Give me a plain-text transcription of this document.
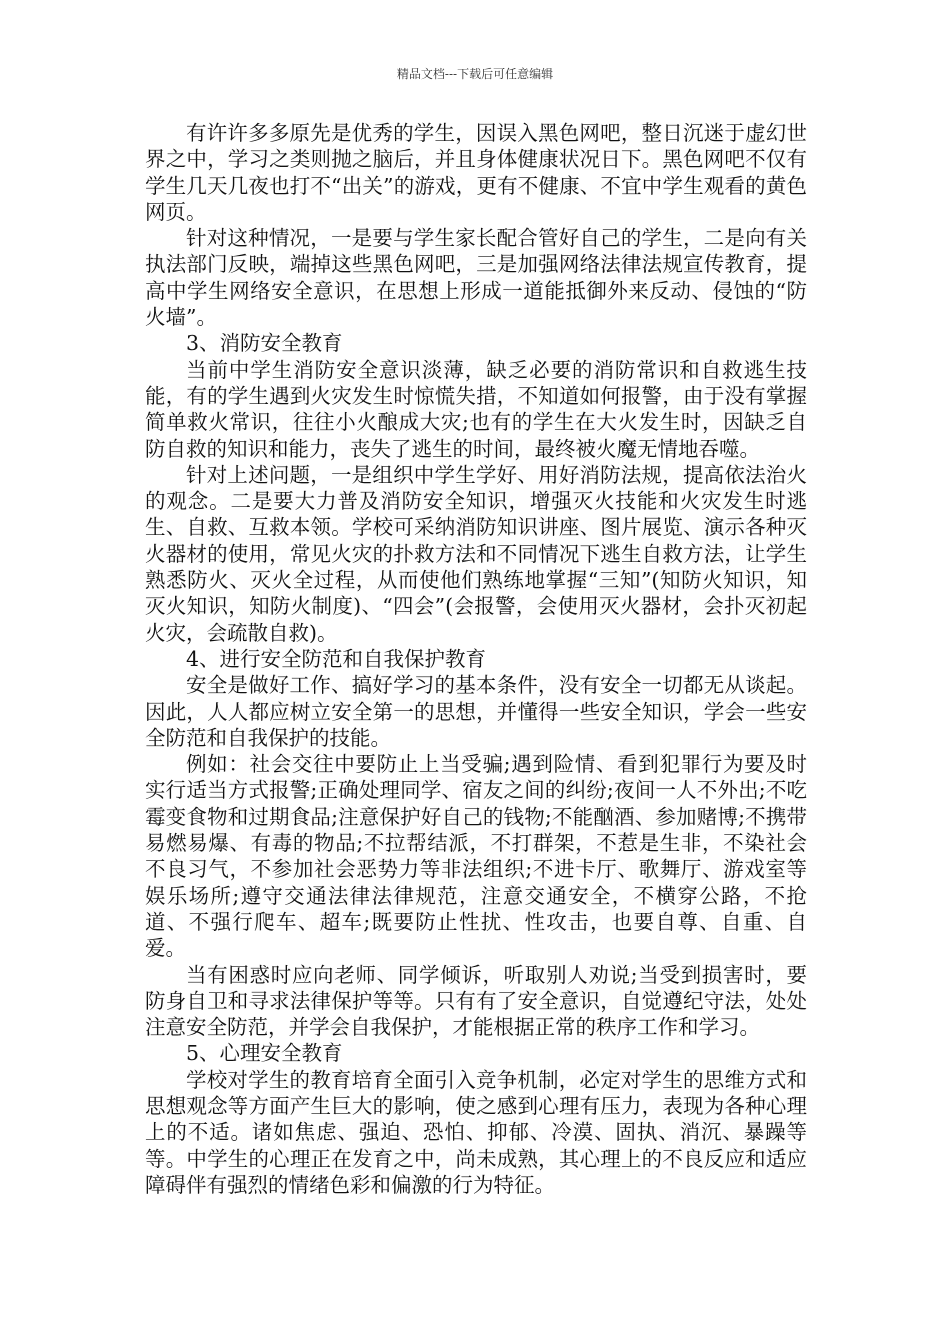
精品文档---下载后可任意编辑

有许许多多原先是优秀的学生，因误入黑色网吧，整日沉迷于虚幻世界之中，学习之类则抛之脑后，并且身体健康状况日下。黑色网吧不仅有学生几天几夜也打不“出关”的游戏，更有不健康、不宜中学生观看的黄色网页。

针对这种情况，一是要与学生家长配合管好自己的学生，二是向有关执法部门反映，端掉这些黑色网吧，三是加强网络法律法规宣传教育，提高中学生网络安全意识，在思想上形成一道能抵御外来反动、侵蚀的“防火墙”。

3、消防安全教育

当前中学生消防安全意识淡薄，缺乏必要的消防常识和自救逃生技能，有的学生遇到火灾发生时惊慌失措，不知道如何报警，由于没有掌握简单救火常识，往往小火酿成大灾;也有的学生在大火发生时，因缺乏自防自救的知识和能力，丧失了逃生的时间，最终被火魔无情地吞噬。

针对上述问题，一是组织中学生学好、用好消防法规，提高依法治火的观念。二是要大力普及消防安全知识，增强灭火技能和火灾发生时逃生、自救、互救本领。学校可采纳消防知识讲座、图片展览、演示各种灭火器材的使用，常见火灾的扑救方法和不同情况下逃生自救方法，让学生熟悉防火、灭火全过程，从而使他们熟练地掌握“三知”(知防火知识，知灭火知识，知防火制度)、“四会”(会报警，会使用灭火器材，会扑灭初起火灾，会疏散自救)。

4、进行安全防范和自我保护教育

安全是做好工作、搞好学习的基本条件，没有安全一切都无从谈起。因此，人人都应树立安全第一的思想，并懂得一些安全知识，学会一些安全防范和自我保护的技能。

例如：社会交往中要防止上当受骗;遇到险情、看到犯罪行为要及时实行适当方式报警;正确处理同学、宿友之间的纠纷;夜间一人不外出;不吃霉变食物和过期食品;注意保护好自己的钱物;不能酗酒、参加赌博;不携带易燃易爆、有毒的物品;不拉帮结派，不打群架，不惹是生非，不染社会不良习气，不参加社会恶势力等非法组织;不进卡厅、歌舞厅、游戏室等娱乐场所;遵守交通法律法律规范，注意交通安全，不横穿公路，不抢道、不强行爬车、超车;既要防止性扰、性攻击，也要自尊、自重、自爱。

当有困惑时应向老师、同学倾诉，听取别人劝说;当受到损害时，要防身自卫和寻求法律保护等等。只有有了安全意识，自觉遵纪守法，处处注意安全防范，并学会自我保护，才能根据正常的秩序工作和学习。

5、心理安全教育

学校对学生的教育培育全面引入竞争机制，必定对学生的思维方式和思想观念等方面产生巨大的影响，使之感到心理有压力，表现为各种心理上的不适。诸如焦虑、强迫、恐怕、抑郁、冷漠、固执、消沉、暴躁等等。中学生的心理正在发育之中，尚未成熟，其心理上的不良反应和适应障碍伴有强烈的情绪色彩和偏激的行为特征。
